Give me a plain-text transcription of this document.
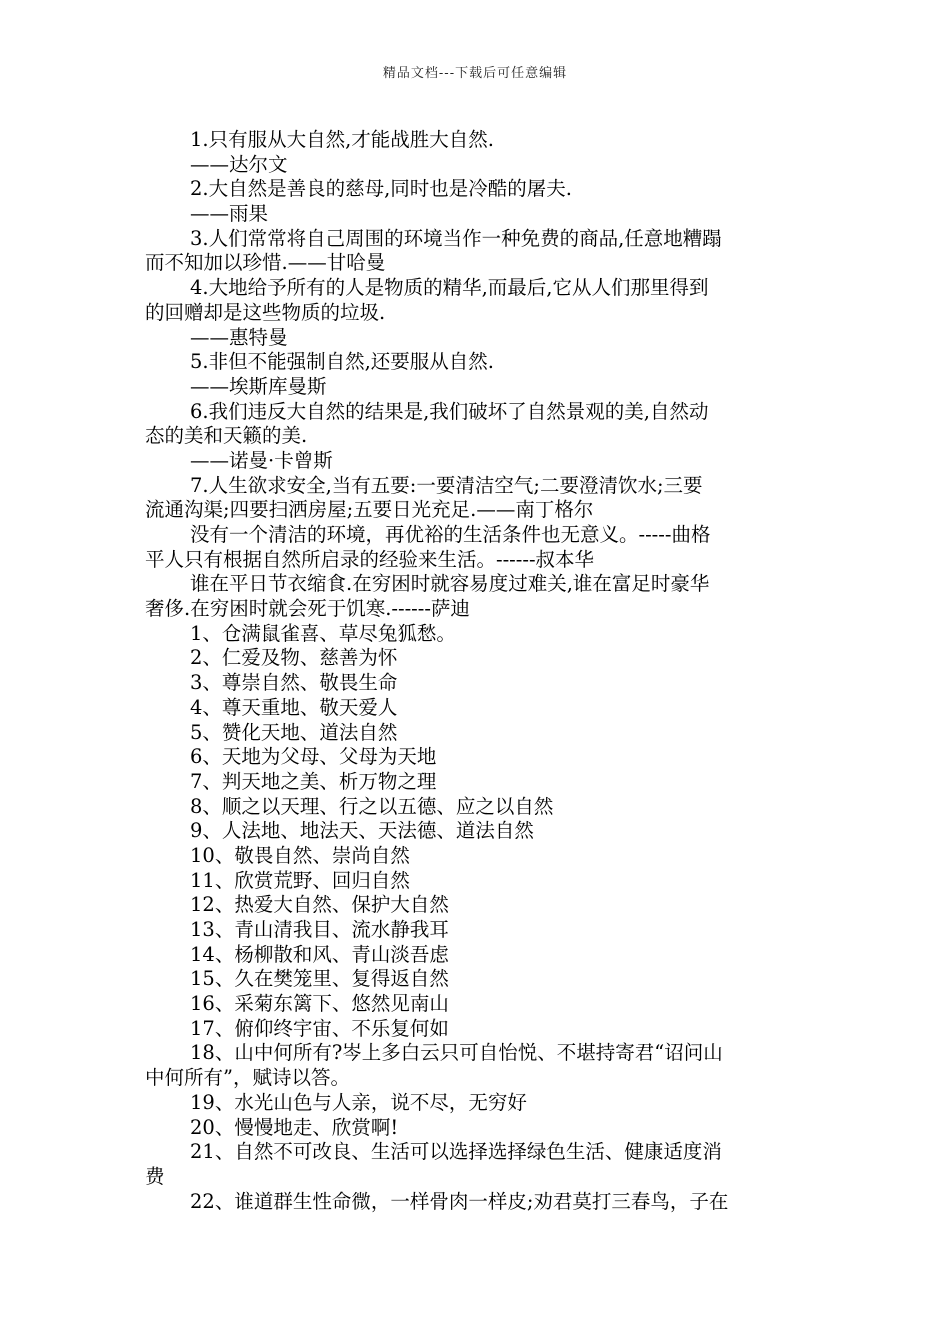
精品文档---下载后可任意编辑
1.只有服从大自然,才能战胜大自然.
——达尔文
2.大自然是善良的慈母,同时也是冷酷的屠夫.
——雨果
3.人们常常将自己周围的环境当作一种免费的商品,任意地糟蹋
而不知加以珍惜.——甘哈曼
4.大地给予所有的人是物质的精华,而最后,它从人们那里得到
的回赠却是这些物质的垃圾.
——惠特曼
5.非但不能强制自然,还要服从自然.
——埃斯库曼斯
6.我们违反大自然的结果是,我们破坏了自然景观的美,自然动
态的美和天籁的美.
——诺曼·卡曾斯
7.人生欲求安全,当有五要:一要清洁空气;二要澄清饮水;三要
流通沟渠;四要扫洒房屋;五要日光充足.——南丁格尔
没有一个清洁的环境，再优裕的生活条件也无意义。-----曲格
平人只有根据自然所启录的经验来生活。------叔本华
谁在平日节衣缩食.在穷困时就容易度过难关,谁在富足时豪华
奢侈.在穷困时就会死于饥寒.------萨迪
1、仓满鼠雀喜、草尽兔狐愁。
2、仁爱及物、慈善为怀
3、尊崇自然、敬畏生命
4、尊天重地、敬天爱人
5、赞化天地、道法自然
6、天地为父母、父母为天地
7、判天地之美、析万物之理
8、顺之以天理、行之以五德、应之以自然
9、人法地、地法天、天法德、道法自然
10、敬畏自然、崇尚自然
11、欣赏荒野、回归自然
12、热爱大自然、保护大自然
13、青山清我目、流水静我耳
14、杨柳散和风、青山淡吾虑
15、久在樊笼里、复得返自然
16、采菊东篱下、悠然见南山
17、俯仰终宇宙、不乐复何如
18、山中何所有?岑上多白云只可自怡悦、不堪持寄君“诏问山
中何所有”，赋诗以答。
19、水光山色与人亲，说不尽，无穷好
20、慢慢地走、欣赏啊!
21、自然不可改良、生活可以选择选择绿色生活、健康适度消
费
22、谁道群生性命微，一样骨肉一样皮;劝君莫打三春鸟，子在
